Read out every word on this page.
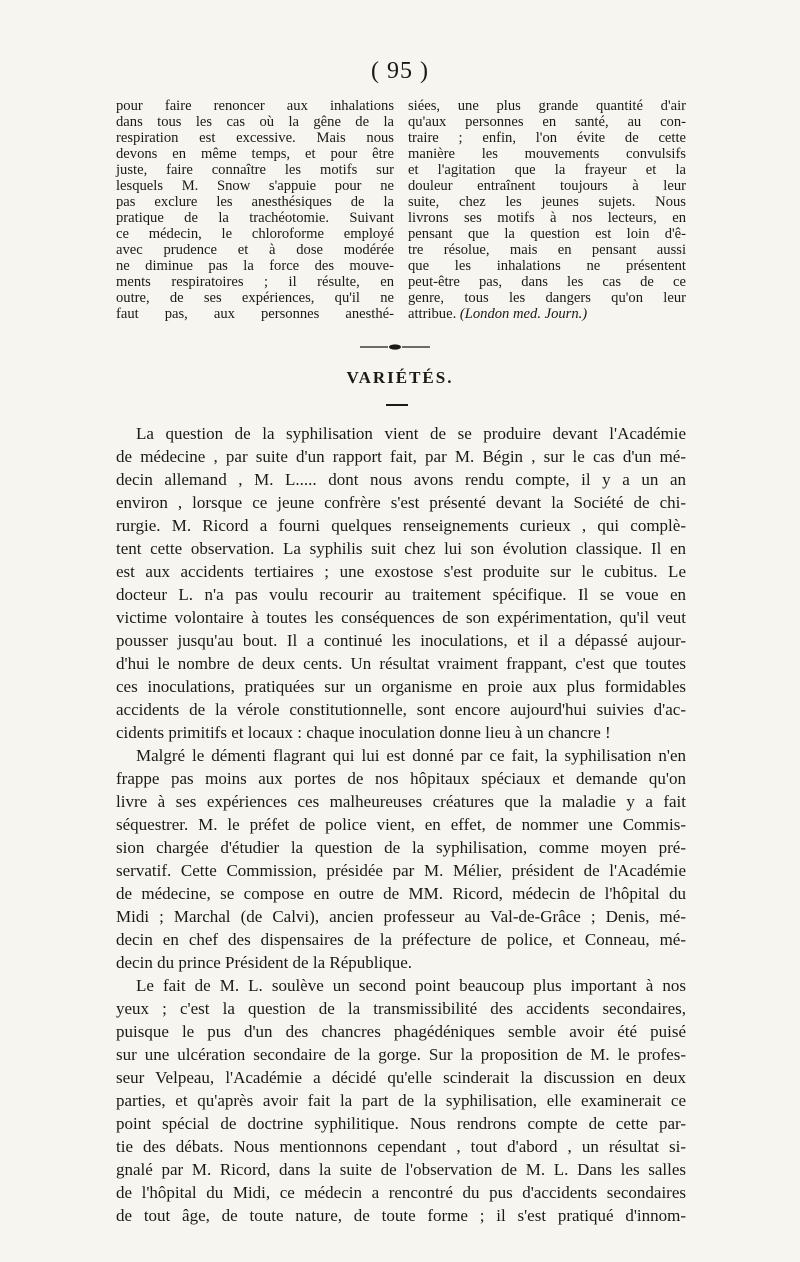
( 95 )

pour faire renoncer aux inhalations
dans tous les cas où la gêne de la
respiration est excessive. Mais nous
devons en même temps, et pour être
juste, faire connaître les motifs sur
lesquels M. Snow s'appuie pour ne
pas exclure les anesthésiques de la
pratique de la trachéotomie. Suivant
ce médecin, le chloroforme employé
avec prudence et à dose modérée
ne diminue pas la force des mouve-
ments respiratoires ; il résulte, en
outre, de ses expériences, qu'il ne
faut pas, aux personnes anesthé-

siées, une plus grande quantité d'air
qu'aux personnes en santé, au con-
traire ; enfin, l'on évite de cette
manière les mouvements convulsifs
et l'agitation que la frayeur et la
douleur entraînent toujours à leur
suite, chez les jeunes sujets. Nous
livrons ses motifs à nos lecteurs, en
pensant que la question est loin d'ê-
tre résolue, mais en pensant aussi
que les inhalations ne présentent
peut-être pas, dans les cas de ce
genre, tous les dangers qu'on leur
attribue. (London med. Journ.)

VARIÉTÉS.

La question de la syphilisation vient de se produire devant l'Académie
de médecine , par suite d'un rapport fait, par M. Bégin , sur le cas d'un mé-
decin allemand , M. L..... dont nous avons rendu compte, il y a un an
environ , lorsque ce jeune confrère s'est présenté devant la Société de chi-
rurgie. M. Ricord a fourni quelques renseignements curieux , qui complè-
tent cette observation. La syphilis suit chez lui son évolution classique. Il en
est aux accidents tertiaires ; une exostose s'est produite sur le cubitus. Le
docteur L. n'a pas voulu recourir au traitement spécifique. Il se voue en
victime volontaire à toutes les conséquences de son expérimentation, qu'il veut
pousser jusqu'au bout. Il a continué les inoculations, et il a dépassé aujour-
d'hui le nombre de deux cents. Un résultat vraiment frappant, c'est que toutes
ces inoculations, pratiquées sur un organisme en proie aux plus formidables
accidents de la vérole constitutionnelle, sont encore aujourd'hui suivies d'ac-
cidents primitifs et locaux : chaque inoculation donne lieu à un chancre !

Malgré le démenti flagrant qui lui est donné par ce fait, la syphilisation n'en
frappe pas moins aux portes de nos hôpitaux spéciaux et demande qu'on
livre à ses expériences ces malheureuses créatures que la maladie y a fait
séquestrer. M. le préfet de police vient, en effet, de nommer une Commis-
sion chargée d'étudier la question de la syphilisation, comme moyen pré-
servatif. Cette Commission, présidée par M. Mélier, président de l'Académie
de médecine, se compose en outre de MM. Ricord, médecin de l'hôpital du
Midi ; Marchal (de Calvi), ancien professeur au Val-de-Grâce ; Denis, mé-
decin en chef des dispensaires de la préfecture de police, et Conneau, mé-
decin du prince Président de la République.

Le fait de M. L. soulève un second point beaucoup plus important à nos
yeux ; c'est la question de la transmissibilité des accidents secondaires,
puisque le pus d'un des chancres phagédéniques semble avoir été puisé
sur une ulcération secondaire de la gorge. Sur la proposition de M. le profes-
seur Velpeau, l'Académie a décidé qu'elle scinderait la discussion en deux
parties, et qu'après avoir fait la part de la syphilisation, elle examinerait ce
point spécial de doctrine syphilitique. Nous rendrons compte de cette par-
tie des débats. Nous mentionnons cependant , tout d'abord , un résultat si-
gnalé par M. Ricord, dans la suite de l'observation de M. L. Dans les salles
de l'hôpital du Midi, ce médecin a rencontré du pus d'accidents secondaires
de tout âge, de toute nature, de toute forme ; il s'est pratiqué d'innom-
